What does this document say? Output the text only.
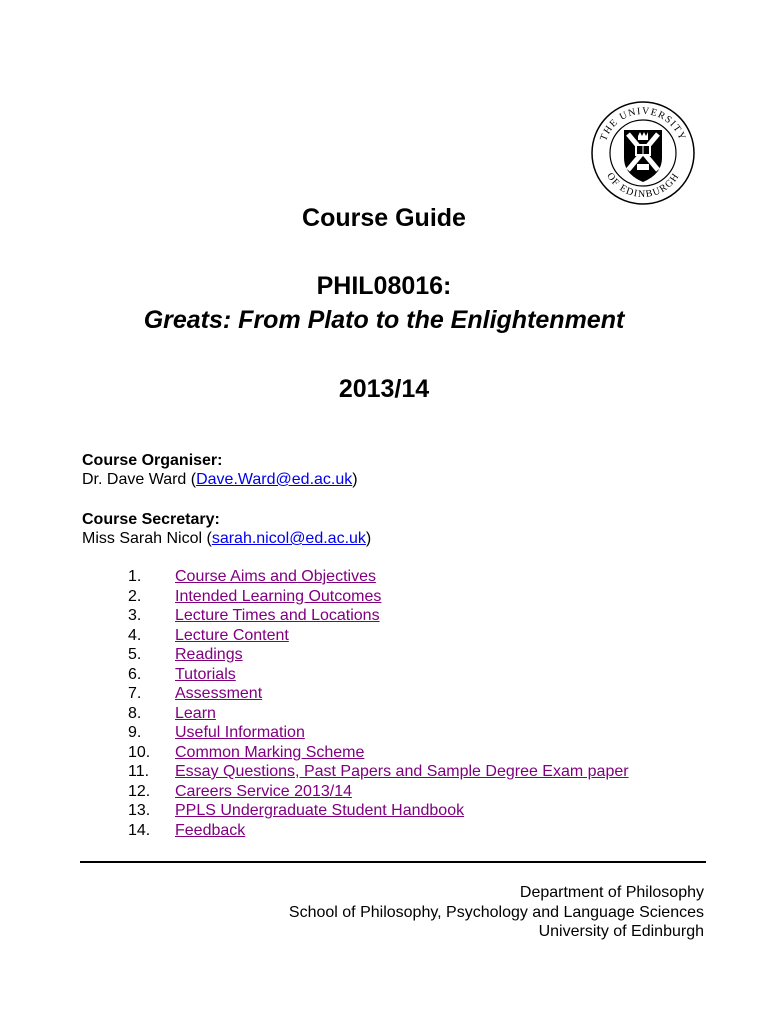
THE UNIVERSITY
OF EDINBURGH
Course Guide
PHIL08016:
Greats: From Plato to the Enlightenment
2013/14
Course Organiser:
Dr. Dave Ward (Dave.Ward@ed.ac.uk)
Course Secretary:
Miss Sarah Nicol (sarah.nicol@ed.ac.uk)
1.	Course Aims and Objectives
2.	Intended Learning Outcomes
3.	Lecture Times and Locations
4.	Lecture Content
5.	Readings
6.	Tutorials
7.	Assessment
8.	Learn
9.	Useful Information
10.	Common Marking Scheme
11.	Essay Questions, Past Papers and Sample Degree Exam paper
12.	Careers Service 2013/14
13.	PPLS Undergraduate Student Handbook
14.	Feedback
Department of Philosophy
School of Philosophy, Psychology and Language Sciences
University of Edinburgh
